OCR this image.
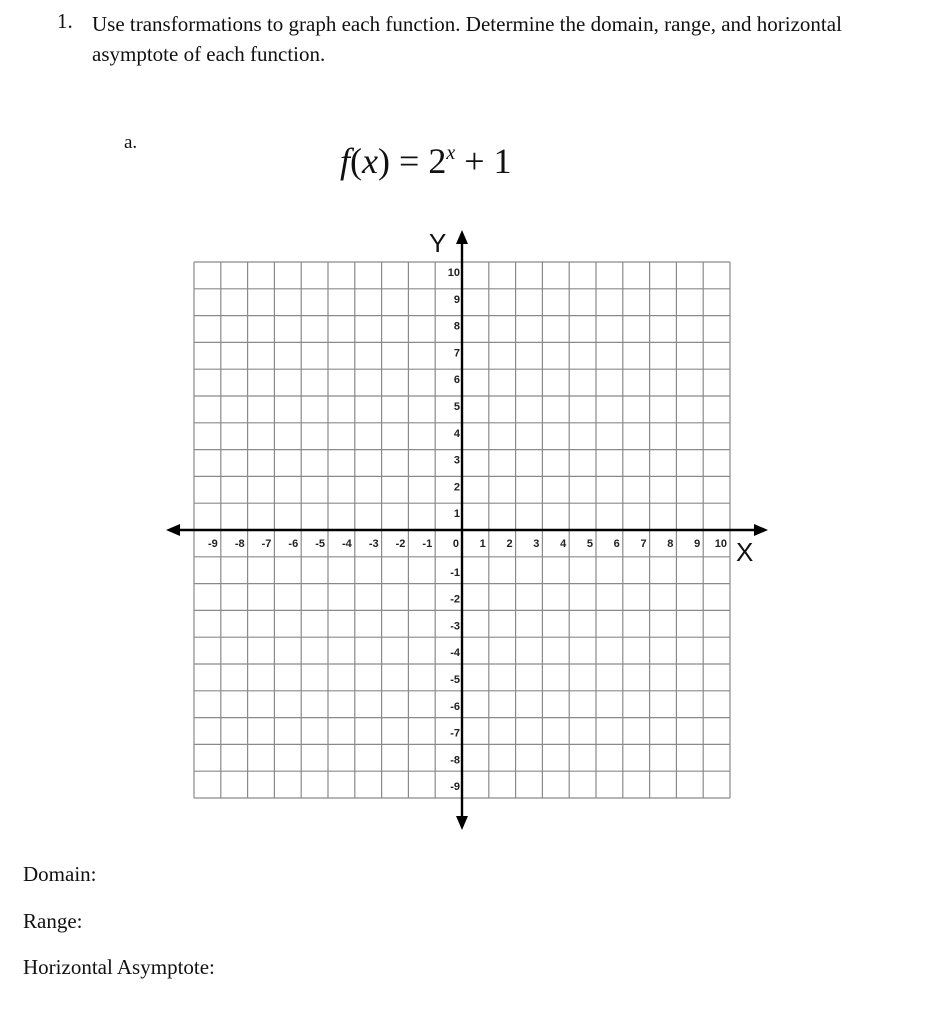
1. Use transformations to graph each function. Determine the domain, range, and horizontal asymptote of each function.
a.	$f(x) = 2^x + 1$
-9 -8 -7 -6 -5 -4 -3 -2 -1 0 1 2 3 4 5 6 7 8 9 10
10
9
8
7
6
5
4
3
2
1
-1
-2
-3
-4
-5
-6
-7
-8
-9
X
Y
Domain:
Range:
Horizontal Asymptote:
